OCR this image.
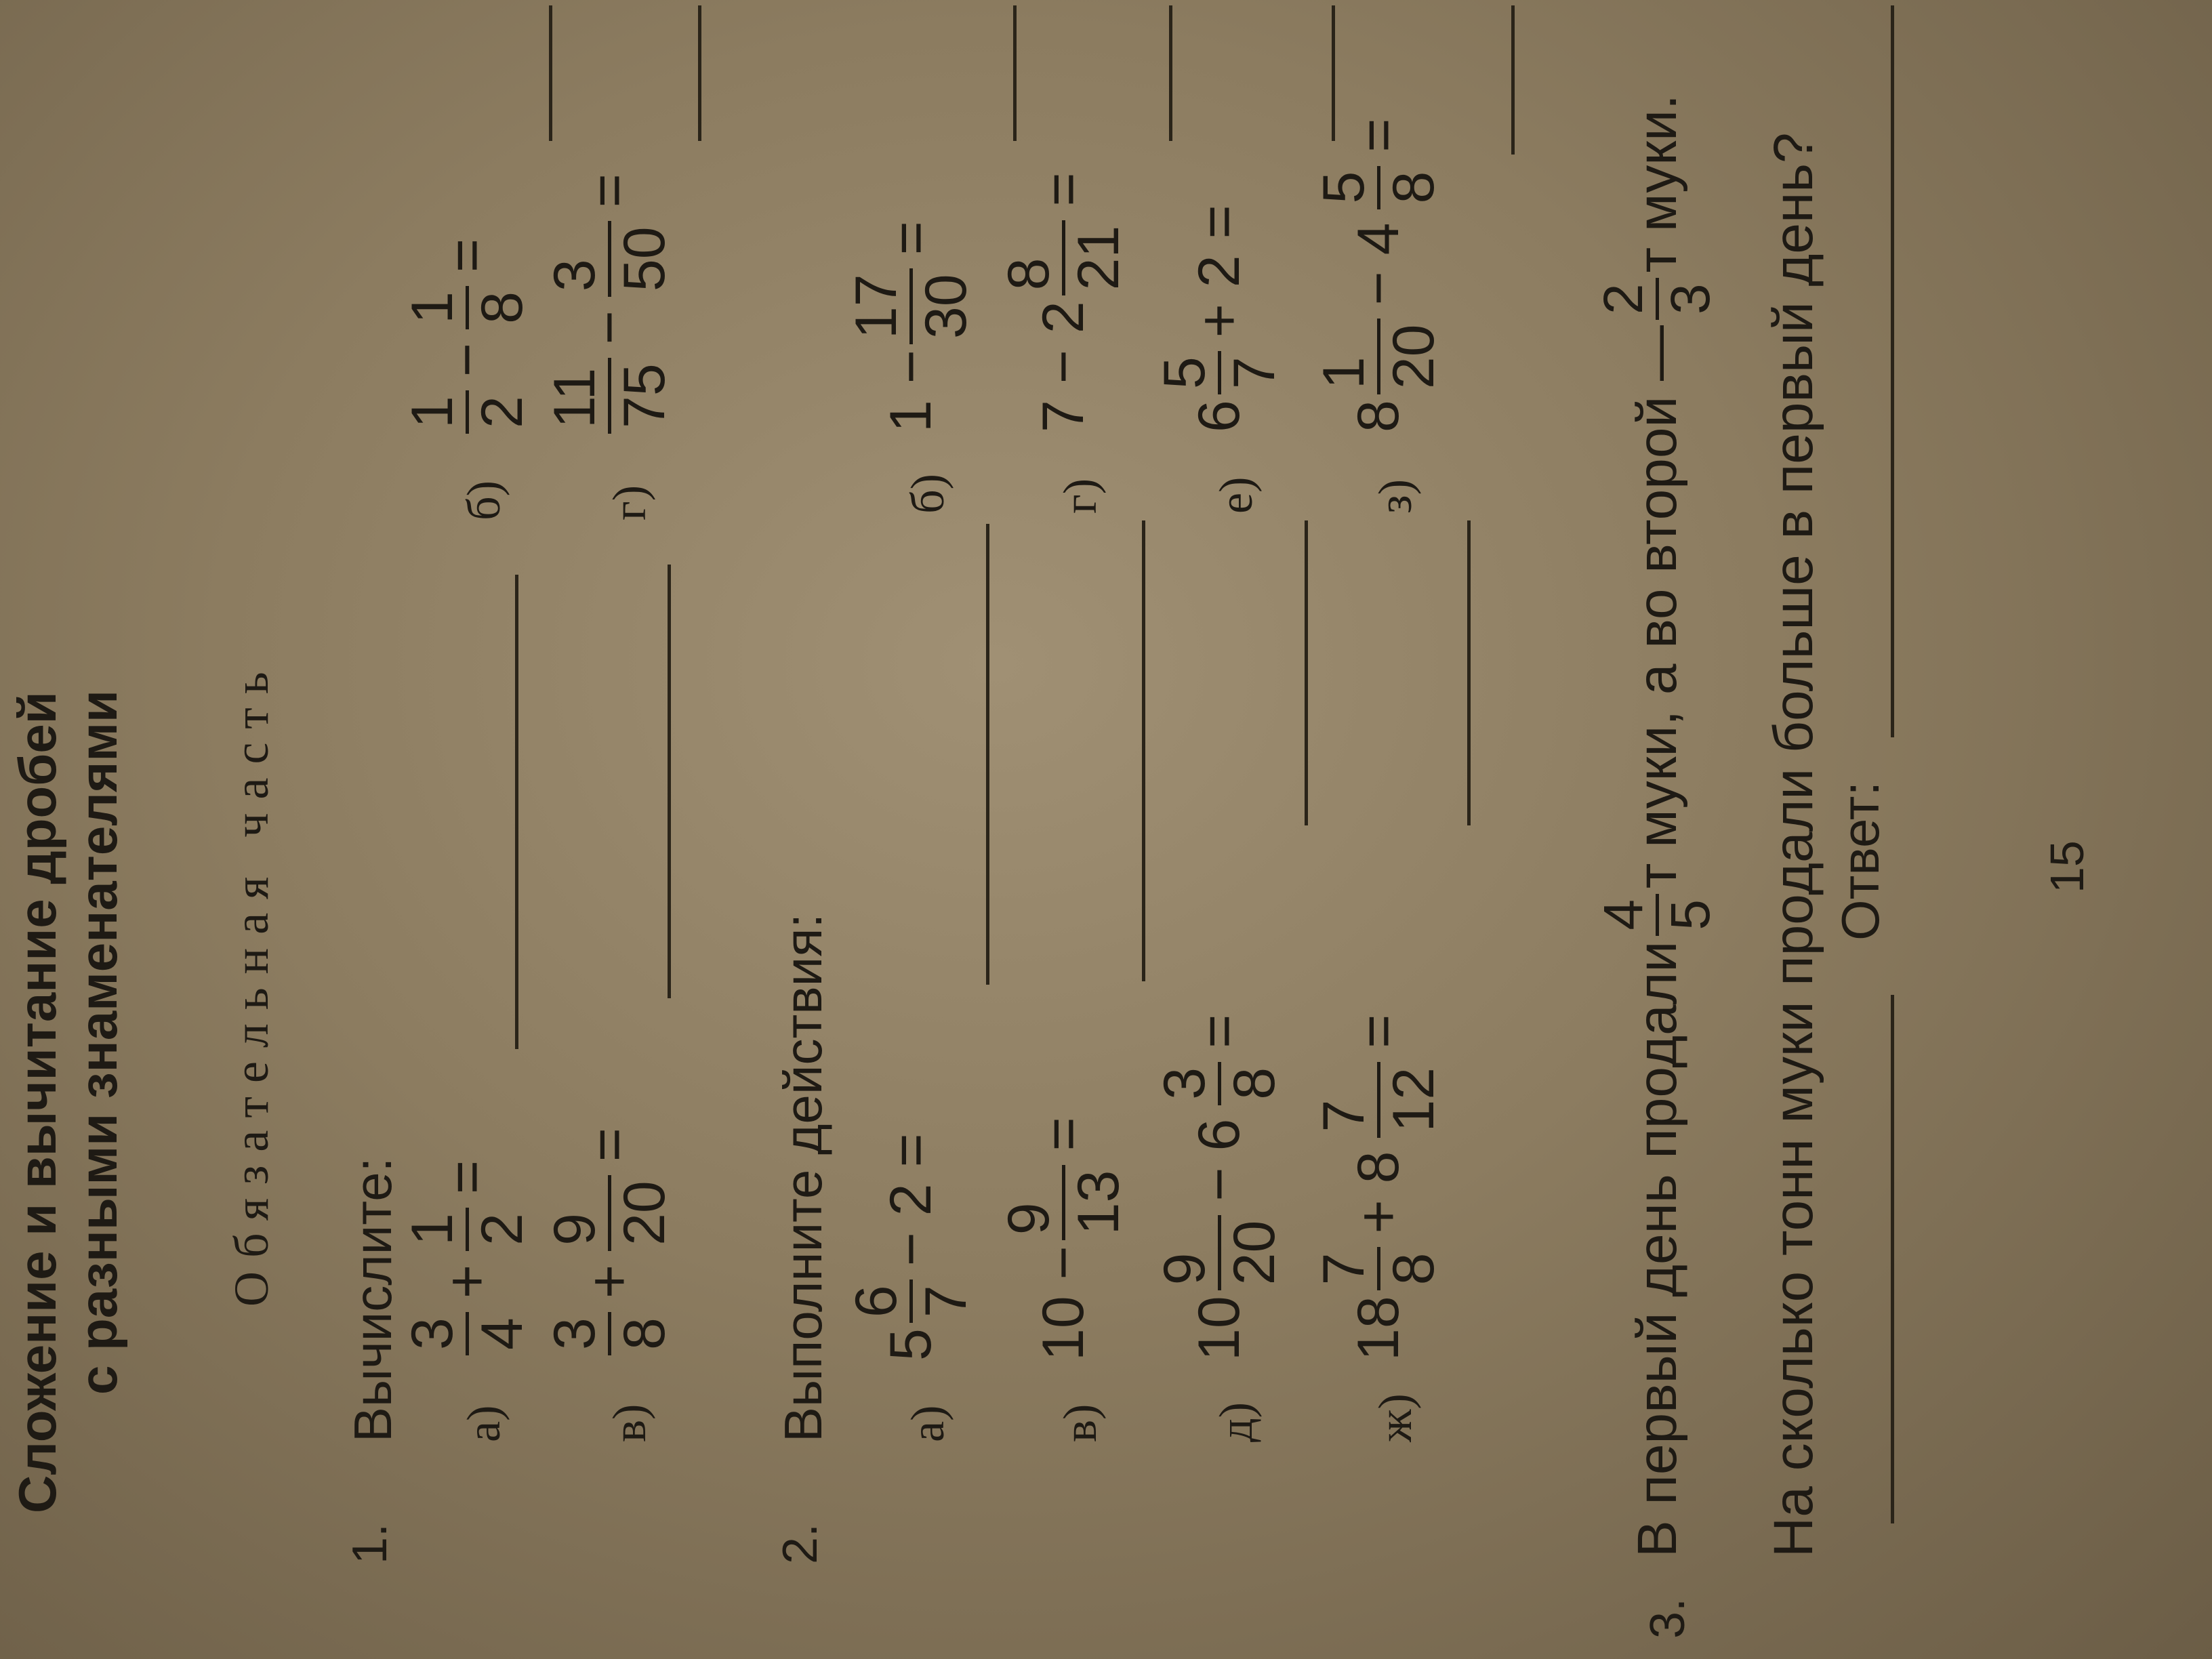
Сложение и вычитание дробей с разными знаменателями Обязательная часть
1.
Вычислите: а)
3 4
+
1 2
=
б)
1 2
−
1 8
=
в)
3 8
+
9 20
=
г)
11 75
−
3 50
=
2.
Выполните действия: а)
5
6 7
− 2 =
б)
1 −
17 30
=
в)
10 −
9 13
=
г)
7 − 2
8 21
=
д)
10
9 20
− 6
3 8
=
е)
6
5 7
+ 2 =
ж)
18
7 8
+ 8
7 12
=
з)
8
1 20
− 4
5 8
=
3.
В первый день продали
4 5
т муки, а во второй —
2 3
т муки. На сколько тонн муки продали больше в первый день? Ответ:	15
